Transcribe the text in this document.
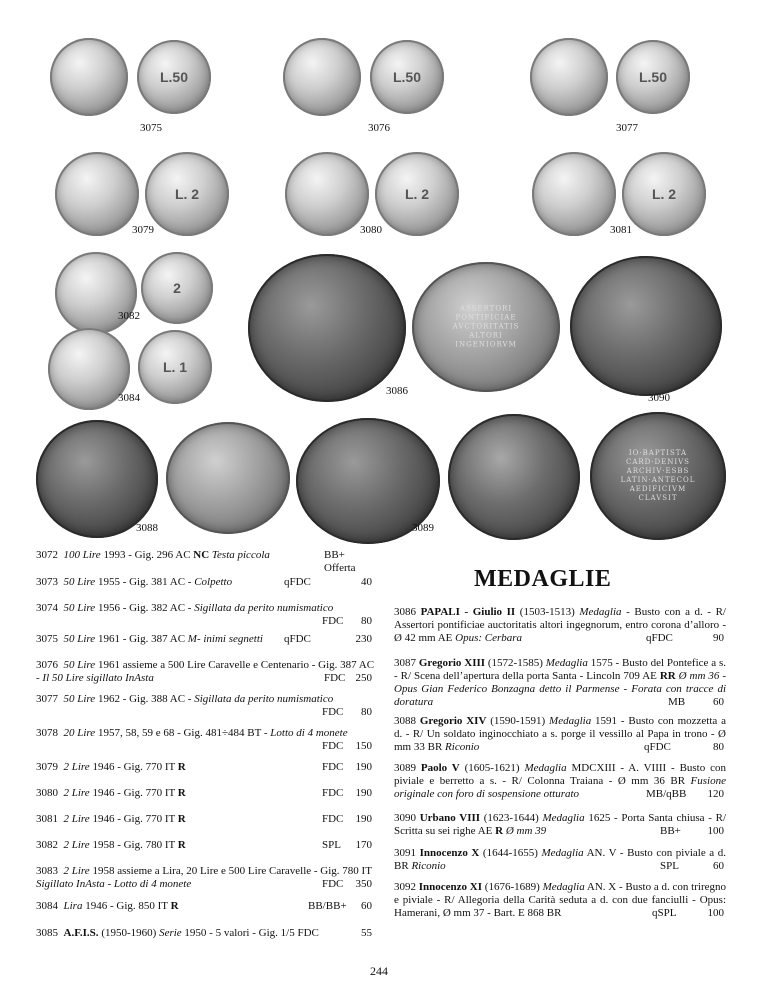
L.50
3075
L.50
3076
L.50
3077
L. 2
3079
L. 2
3080
L. 2
3081
2
3082
L. 1
3084
ASSERTORI
PONTIFICIAE
AVCTORITATIS
ALTORI
INGENIORVM
3086
3090
3088
IO·BAPTISTA
CARD·DENIVS
ARCHIV·ESBS
LATIN·ANTECOL
AEDIFICIVM
CLAVSIT
3089
MEDAGLIE
3072 100 Lire 1993 - Gig. 296 AC NC Testa piccola	BB+ Offerta
3073 50 Lire 1955 - Gig. 381 AC - Colpetto	qFDC	40
3074 50 Lire 1956 - Gig. 382 AC - Sigillata da perito numismatico

FDC 80
3075 50 Lire 1961 - Gig. 387 AC M- inimi segnetti qFDC	230
3076 50 Lire 1961 assieme a 500 Lire Caravelle e Centenario - Gig. 387 AC - Il 50 Lire sigillato InAsta	FDC 250
3077 50 Lire 1962 - Gig. 388 AC - Sigillata da perito numismatico
FDC 80
3078 20 Lire 1957, 58, 59 e 68 - Gig. 481÷484 BT - Lotto di 4 monete
FDC 150
3079 2 Lire 1946 - Gig. 770 IT R	FDC 190
3080 2 Lire 1946 - Gig. 770 IT R	FDC 190
3081 2 Lire 1946 - Gig. 770 IT R	FDC 190
3082 2 Lire 1958 - Gig. 780 IT R	SPL 170
3083 2 Lire 1958 assieme a Lira, 20 Lire e 500 Lire Caravelle - Gig. 780 IT Sigillato InAsta - Lotto di 4 monete	FDC 350
3084 Lira 1946 - Gig. 850 IT R	BB/BB+ 60
3085 A.F.I.S. (1950-1960) Serie 1950 - 5 valori - Gig. 1/5 FDC	55
3086 PAPALI - Giulio II (1503-1513) Medaglia - Busto con a d. - R/ Assertori pontificiae auctoritatis altori ingegnorum, entro corona d’alloro - Ø 42 mm AE Opus: Cerbara	qFDC	90
3087 Gregorio XIII (1572-1585) Medaglia 1575 - Busto del Pontefice a s. - R/ Scena dell’apertura della porta Santa - Lincoln 709 AE RR Ø mm 36 - Opus Gian Federico Bonzagna detto il Parmense - Forata con tracce di doratura	MB	60
3088 Gregorio XIV (1590-1591) Medaglia 1591 - Busto con mozzetta a d. - R/ Un soldato inginocchiato a s. porge il vessillo al Papa in trono - Ø mm 33 BR Riconio	qFDC	80
3089 Paolo V (1605-1621) Medaglia MDCXIII - A. VIIII - Busto con piviale e berretto a s. - R/ Colonna Traiana - Ø mm 36 BR Fusione originale con foro di sospensione otturato	MB/qBB 120
3090 Urbano VIII (1623-1644) Medaglia 1625 - Porta Santa chiusa - R/ Scritta su sei righe AE R Ø mm 39	BB+ 100
3091 Innocenzo X (1644-1655) Medaglia AN. V - Busto con piviale a d. BR Riconio	SPL	60
3092 Innocenzo XI (1676-1689) Medaglia AN. X - Busto a d. con triregno e piviale - R/ Allegoria della Carità seduta a d. con due fanciulli - Opus: Hamerani, Ø mm 37 - Bart. E 868 BR	qSPL	100
244
